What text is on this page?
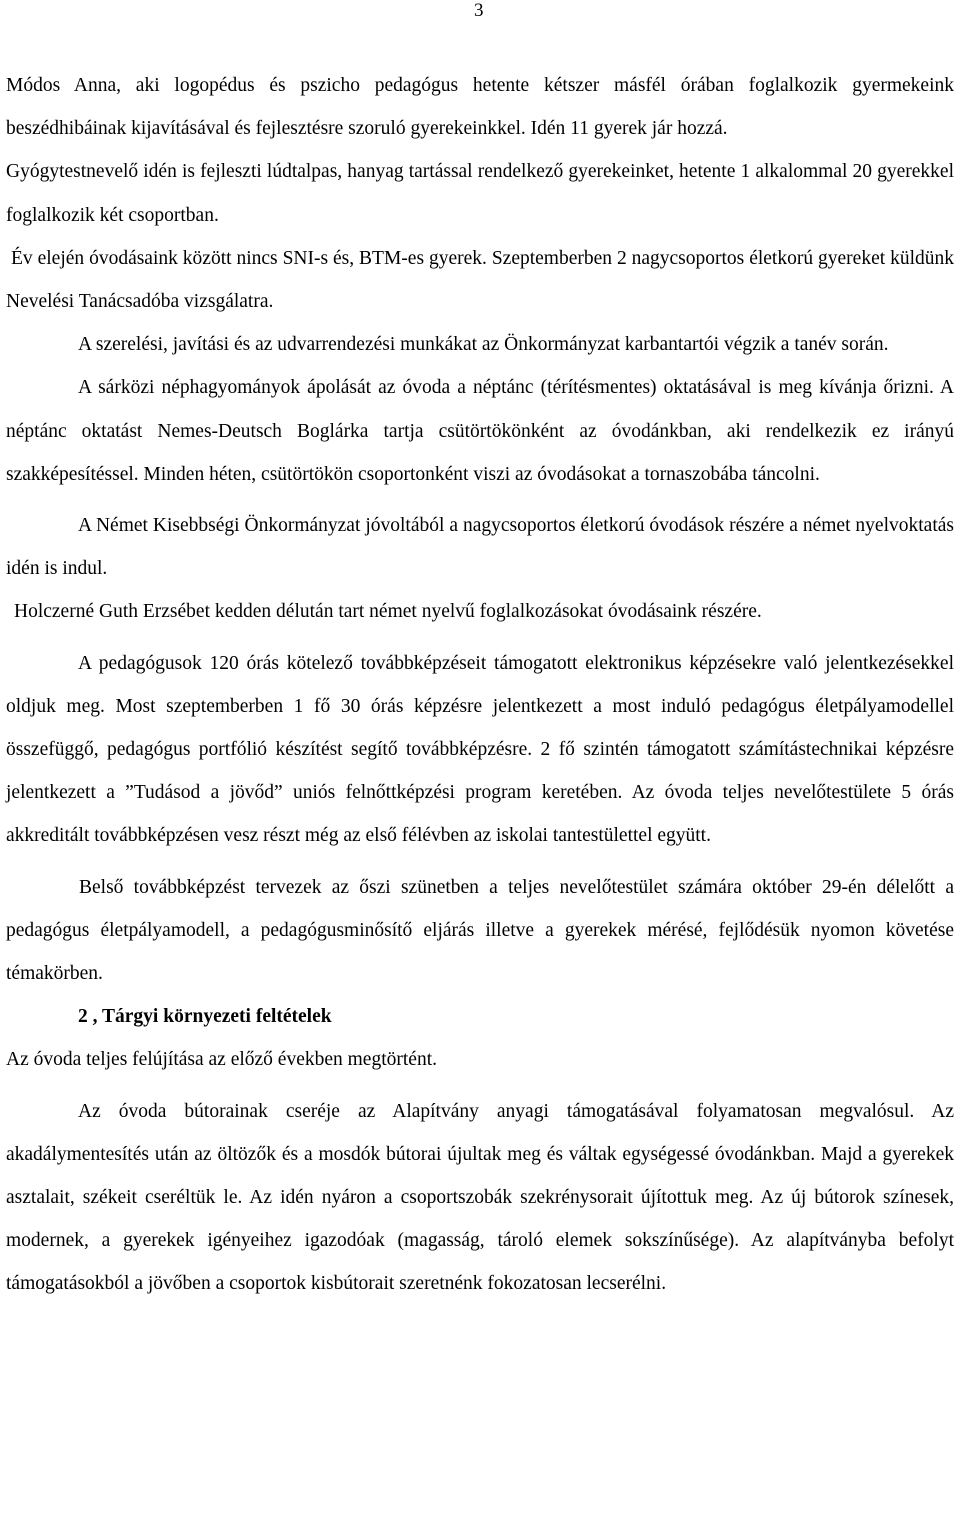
3

Módos Anna, aki logopédus és pszicho pedagógus hetente kétszer másfél órában foglalkozik gyermekeink beszédhibáinak kijavításával és fejlesztésre szoruló gyerekeinkkel. Idén 11 gyerek jár hozzá.

Gyógytestnevelő idén is fejleszti lúdtalpas, hanyag tartással rendelkező gyerekeinket, hetente 1 alkalommal 20 gyerekkel foglalkozik két csoportban.

Év elején óvodásaink között nincs SNI-s és, BTM-es gyerek. Szeptemberben 2 nagycsoportos életkorú gyereket küldünk Nevelési Tanácsadóba vizsgálatra.

A szerelési, javítási és az udvarrendezési munkákat az Önkormányzat karbantartói végzik a tanév során.

A sárközi néphagyományok ápolását az óvoda a néptánc (térítésmentes) oktatásával is meg kívánja őrizni. A néptánc oktatást Nemes-Deutsch Boglárka tartja csütörtökönként az óvodánkban, aki rendelkezik ez irányú szakképesítéssel. Minden héten, csütörtökön csoportonként viszi az óvodásokat a tornaszobába táncolni.

A Német Kisebbségi Önkormányzat jóvoltából a nagycsoportos életkorú óvodások részére a német nyelvoktatás idén is indul.

Holczerné Guth Erzsébet kedden délután tart német nyelvű foglalkozásokat óvodásaink részére.

A pedagógusok 120 órás kötelező továbbképzéseit támogatott elektronikus képzésekre való jelentkezésekkel oldjuk meg. Most szeptemberben 1 fő 30 órás képzésre jelentkezett a most induló pedagógus életpályamodellel összefüggő, pedagógus portfólió készítést segítő továbbképzésre. 2 fő szintén támogatott számítástechnikai képzésre jelentkezett a ”Tudásod a jövőd” uniós felnőttképzési program keretében. Az óvoda teljes nevelőtestülete 5 órás akkreditált továbbképzésen vesz részt még az első félévben az iskolai tantestülettel együtt.

Belső továbbképzést tervezek az őszi szünetben a teljes nevelőtestület számára október 29-én délelőtt a pedagógus életpályamodell, a pedagógusminősítő eljárás illetve a gyerekek mérésé, fejlődésük nyomon követése témakörben.

2 , Tárgyi környezeti feltételek

Az óvoda teljes felújítása az előző években megtörtént.

Az óvoda bútorainak cseréje az Alapítvány anyagi támogatásával folyamatosan megvalósul. Az akadálymentesítés után az öltözők és a mosdók bútorai újultak meg és váltak egységessé óvodánkban. Majd a gyerekek asztalait, székeit cseréltük le. Az idén nyáron a csoportszobák szekrénysorait újítottuk meg. Az új bútorok színesek, modernek, a gyerekek igényeihez igazodóak (magasság, tároló elemek sokszínűsége). Az alapítványba befolyt támogatásokból a jövőben a csoportok kisbútorait szeretnénk fokozatosan lecserélni.
